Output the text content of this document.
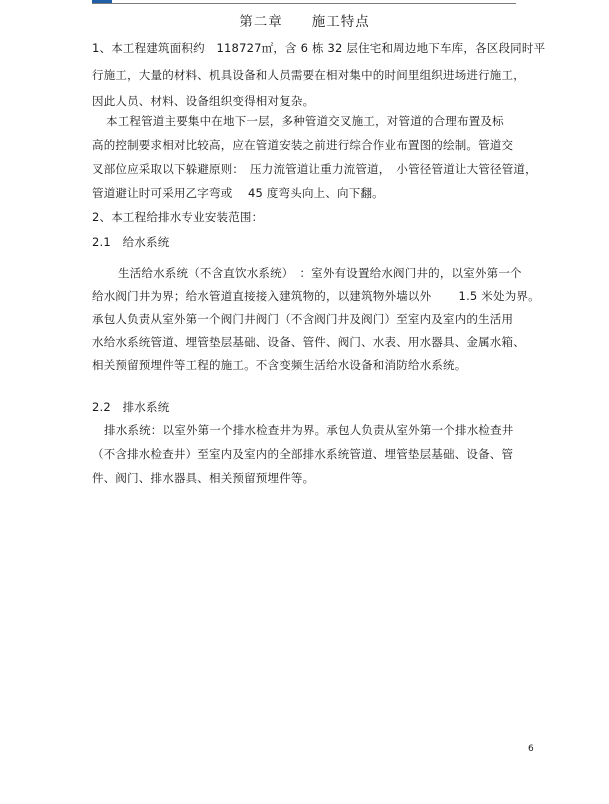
第二章　　施工特点
1、本工程建筑面积约　118727㎡，含 6 栋 32 层住宅和周边地下车库，各区段同时平
行施工，大量的材料、机具设备和人员需要在相对集中的时间里组织进场进行施工，
因此人员、材料、设备组织变得相对复杂。
本工程管道主要集中在地下一层，多种管道交叉施工，对管道的合理布置及标
高的控制要求相对比较高，应在管道安装之前进行综合作业布置图的绘制。管道交
叉部位应采取以下躲避原则：　压力流管道让重力流管道，　小管径管道让大管径管道，
管道避让时可采用乙字弯或　 45 度弯头向上、向下翻。
2、本工程给排水专业安装范围：
2.1　给水系统
生活给水系统（不含直饮水系统）　：室外有设置给水阀门井的，以室外第一个
给水阀门井为界；给水管道直接接入建筑物的，以建筑物外墙以外　　 1.5 米处为界。
承包人负责从室外第一个阀门井阀门（不含阀门井及阀门）至室内及室内的生活用
水给水系统管道、埋管垫层基础、设备、管件、阀门、水表、用水器具、金属水箱、
相关预留预埋件等工程的施工。不含变频生活给水设备和消防给水系统。
2.2　排水系统
排水系统：以室外第一个排水检查井为界。承包人负责从室外第一个排水检查井
（不含排水检查井）至室内及室内的全部排水系统管道、埋管垫层基础、设备、管
件、阀门、排水器具、相关预留预埋件等。
6
